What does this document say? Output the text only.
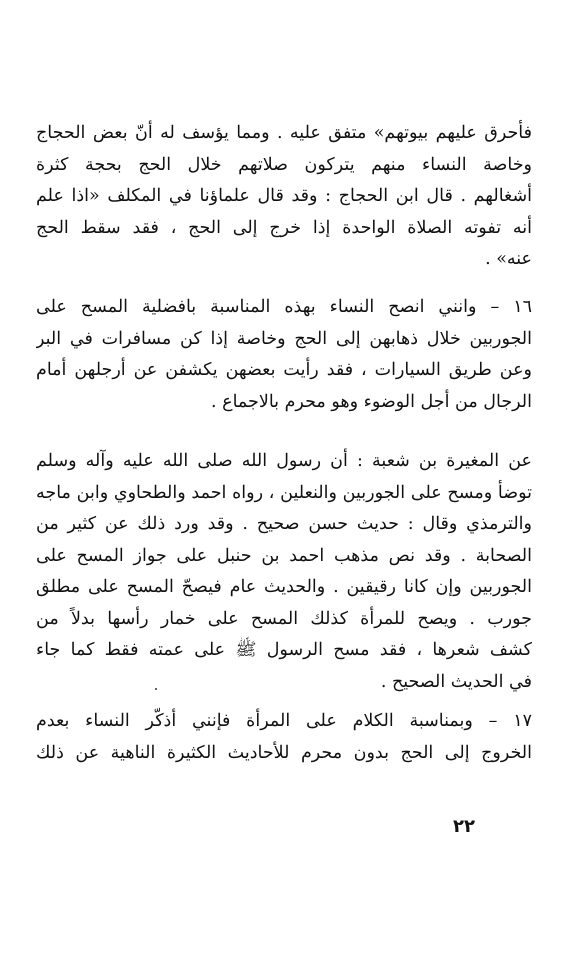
فأحرق عليهم بيوتهم» متفق عليه . ومما يؤسف له أنّ بعض الحجاج
وخاصة النساء منهم يتركون صلاتهم خلال الحج بحجة كثرة
أشغالهم . قال ابن الحجاج : وقد قال علماؤنا في المكلف «اذا علم
أنه تفوته الصلاة الواحدة إذا خرج إلى الحج ، فقد سقط الحج
عنه» .
١٦ – وانني انصح النساء بهذه المناسبة بافضلية المسح على
الجوربين خلال ذهابهن إلى الحج وخاصة إذا كن مسافرات في البر
وعن طريق السيارات ، فقد رأيت بعضهن يكشفن عن أرجلهن أمام
الرجال من أجل الوضوء وهو محرم بالاجماع .
عن المغيرة بن شعبة : أن رسول الله صلى الله عليه وآله وسلم
توضأ ومسح على الجوربين والنعلين ، رواه احمد والطحاوي وابن ماجه
والترمذي وقال : حديث حسن صحيح . وقد ورد ذلك عن كثير من
الصحابة . وقد نص مذهب احمد بن حنبل على جواز المسح على
الجوربين وإن كانا رقيقين . والحديث عام فيصحّ المسح على مطلق
جورب . ويصح للمرأة كذلك المسح على خمار رأسها بدلاً من
كشف شعرها ، فقد مسح الرسول ﷺ على عمته فقط كما جاء
في الحديث الصحيح .
١٧ – وبمناسبة الكلام على المرأة فإنني أذكّر النساء بعدم
الخروج إلى الحج بدون محرم للأحاديث الكثيرة الناهية عن ذلك
٢٢
